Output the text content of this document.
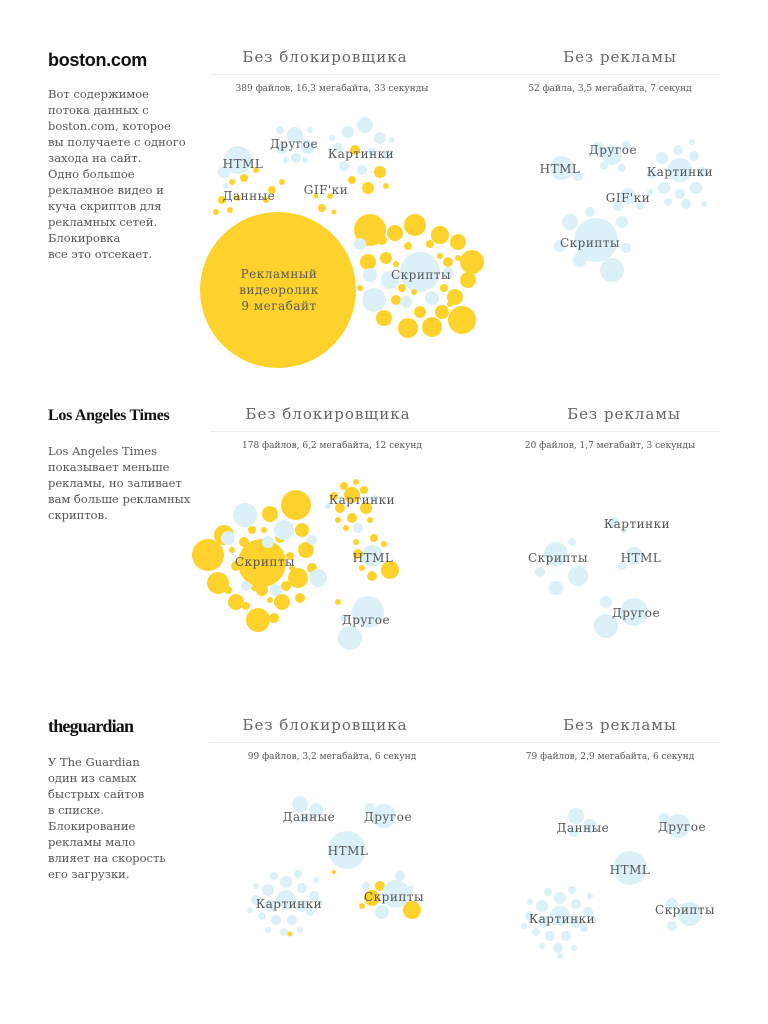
boston.com	Без блокировщика	Без рекламы
389 файлов, 16,3 мегабайта, 33 секунды	52 файла, 3,5 мегабайта, 7 секунд

Вот содержимое
потока данных с
boston.com, которое
вы получаете с одного
захода на сайт.
Одно большое
рекламное видео и
куча скриптов для
рекламных сетей.
Блокировка
все это отсекает.

HTML
Другое
Картинки
Данные GIF'ки
Скрипты
Рекламный
видеоролик
9 мегабайт
HTML
Другое
Картинки
GIF'ки
Скрипты
Los Angeles Times	Без блокировщика	Без рекламы
178 файлов, 6,2 мегабайта, 12 секунд	20 файлов, 1,7 мегабайт, 3 секунды

Los Angeles Times
показывает меньше
рекламы, но заливает
вам больше рекламных
скриптов.

Картинки
Скрипты	HTML
Другое
Картинки
Скрипты	HTML
Другое
theguardian	Без блокировщика	Без рекламы
99 файлов, 3,2 мегабайта, 6 секунд	79 файлов, 2,9 мегабайта, 6 секунд

У The Guardian
один из самых
быстрых сайтов
в списке.
Блокирование
рекламы мало
влияет на скорость
его загрузки.

Данные Другое
HTML
Картинки	Скрипты
Данные	Другое
HTML
Картинки
Скрипты
